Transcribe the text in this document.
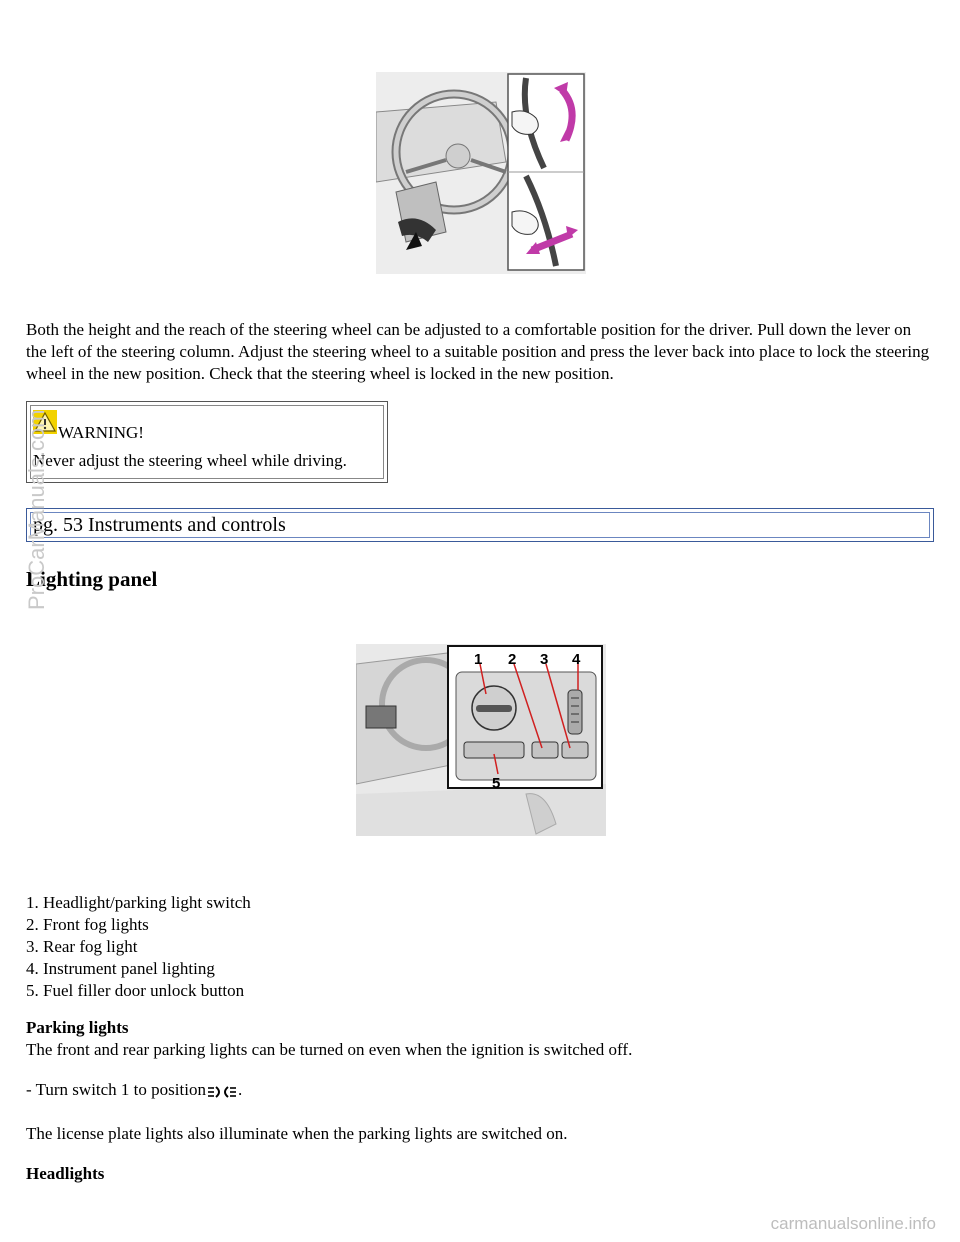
Both the height and the reach of the steering wheel can be adjusted to a comfortable position for the driver. Pull down the lever on the left of the steering column. Adjust the steering wheel to a suitable position and press the lever back into place to lock the steering wheel in the new position. Check that the steering wheel is locked in the new position.
WARNING!
Never adjust the steering wheel while driving.
pg. 53 Instruments and controls
Lighting panel
1 2 3 4
5
1. Headlight/parking light switch
2. Front fog lights
3. Rear fog light
4. Instrument panel lighting
5. Fuel filler door unlock button
Parking lights
The front and rear parking lights can be turned on even when the ignition is switched off.
- Turn switch 1 to position .
The license plate lights also illuminate when the parking lights are switched on.
Headlights
ProCarManuals.com
carmanualsonline.info
